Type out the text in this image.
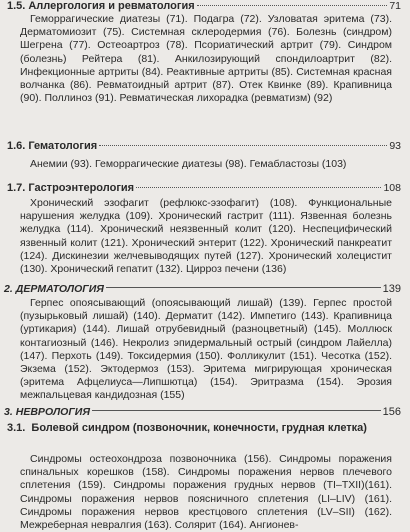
1.5. Аллергология и ревматология	71

Геморрагические диатезы (71). Подагра (72). Узловатая эритема (73). Дерматомиозит (75). Системная склеродермия (76). Болезнь (синдром) Шегрена (77). Остеоартроз (78). Псориатический артрит (79). Синдром (болезнь) Рейтера (81). Анкилозирующий спондилоартрит (82). Инфекционные артриты (84). Реактивные артриты (85). Системная красная волчанка (86). Ревматоидный артрит (87). Отек Квинке (89). Крапивница (90). Поллиноз (91). Ревматическая лихорадка (ревматизм) (92)

1.6. Гематология	93

Анемии (93). Геморрагические диатезы (98). Гемабластозы (103)

1.7. Гастроэнтерология	108

Хронический эзофагит (рефлюкс-эзофагит) (108). Функциональные нарушения желудка (109). Хронический гастрит (111). Язвенная болезнь желудка (114). Хронический неязвенный колит (120). Неспецифический язвенный колит (121). Хронический энтерит (122). Хронический панкреатит (124). Дискинезии желчевыводящих путей (127). Хронический холецистит (130). Хронический гепатит (132). Цирроз печени (136)

2. ДЕРМАТОЛОГИЯ	139

Герпес опоясывающий (опоясывающий лишай) (139). Герпес простой (пузырьковый лишай) (140). Дерматит (142). Импетиго (143). Крапивница (уртикария) (144). Лишай отрубевидный (разноцветный) (145). Моллюск контагиозный (146). Некролиз эпидермальный острый (синдром Лайелла) (147). Перхоть (149). Токсидермия (150). Фолликулит (151). Чесотка (152). Экзема (152). Эктодермоз (153). Эритема мигрирующая хроническая (эритема Афцелиуса—Липшютца) (154). Эритразма (154). Эрозия межпальцевая кандидозная (155)

3. НЕВРОЛОГИЯ	156
3.1. Болевой синдром (позвоночник, конечности, грудная клетка)

Синдромы остеохондроза позвоночника (156). Синдромы поражения спинальных корешков (158). Синдромы поражения нервов плечевого сплетения (159). Синдромы поражения грудных нервов (TI–TXII)(161). Синдромы поражения нервов поясничного сплетения (LI–LIV) (161). Синдромы поражения нервов крестцового сплетения (LV–SII) (162). Межреберная невралгия (163). Солярит (164). Ангионев-
